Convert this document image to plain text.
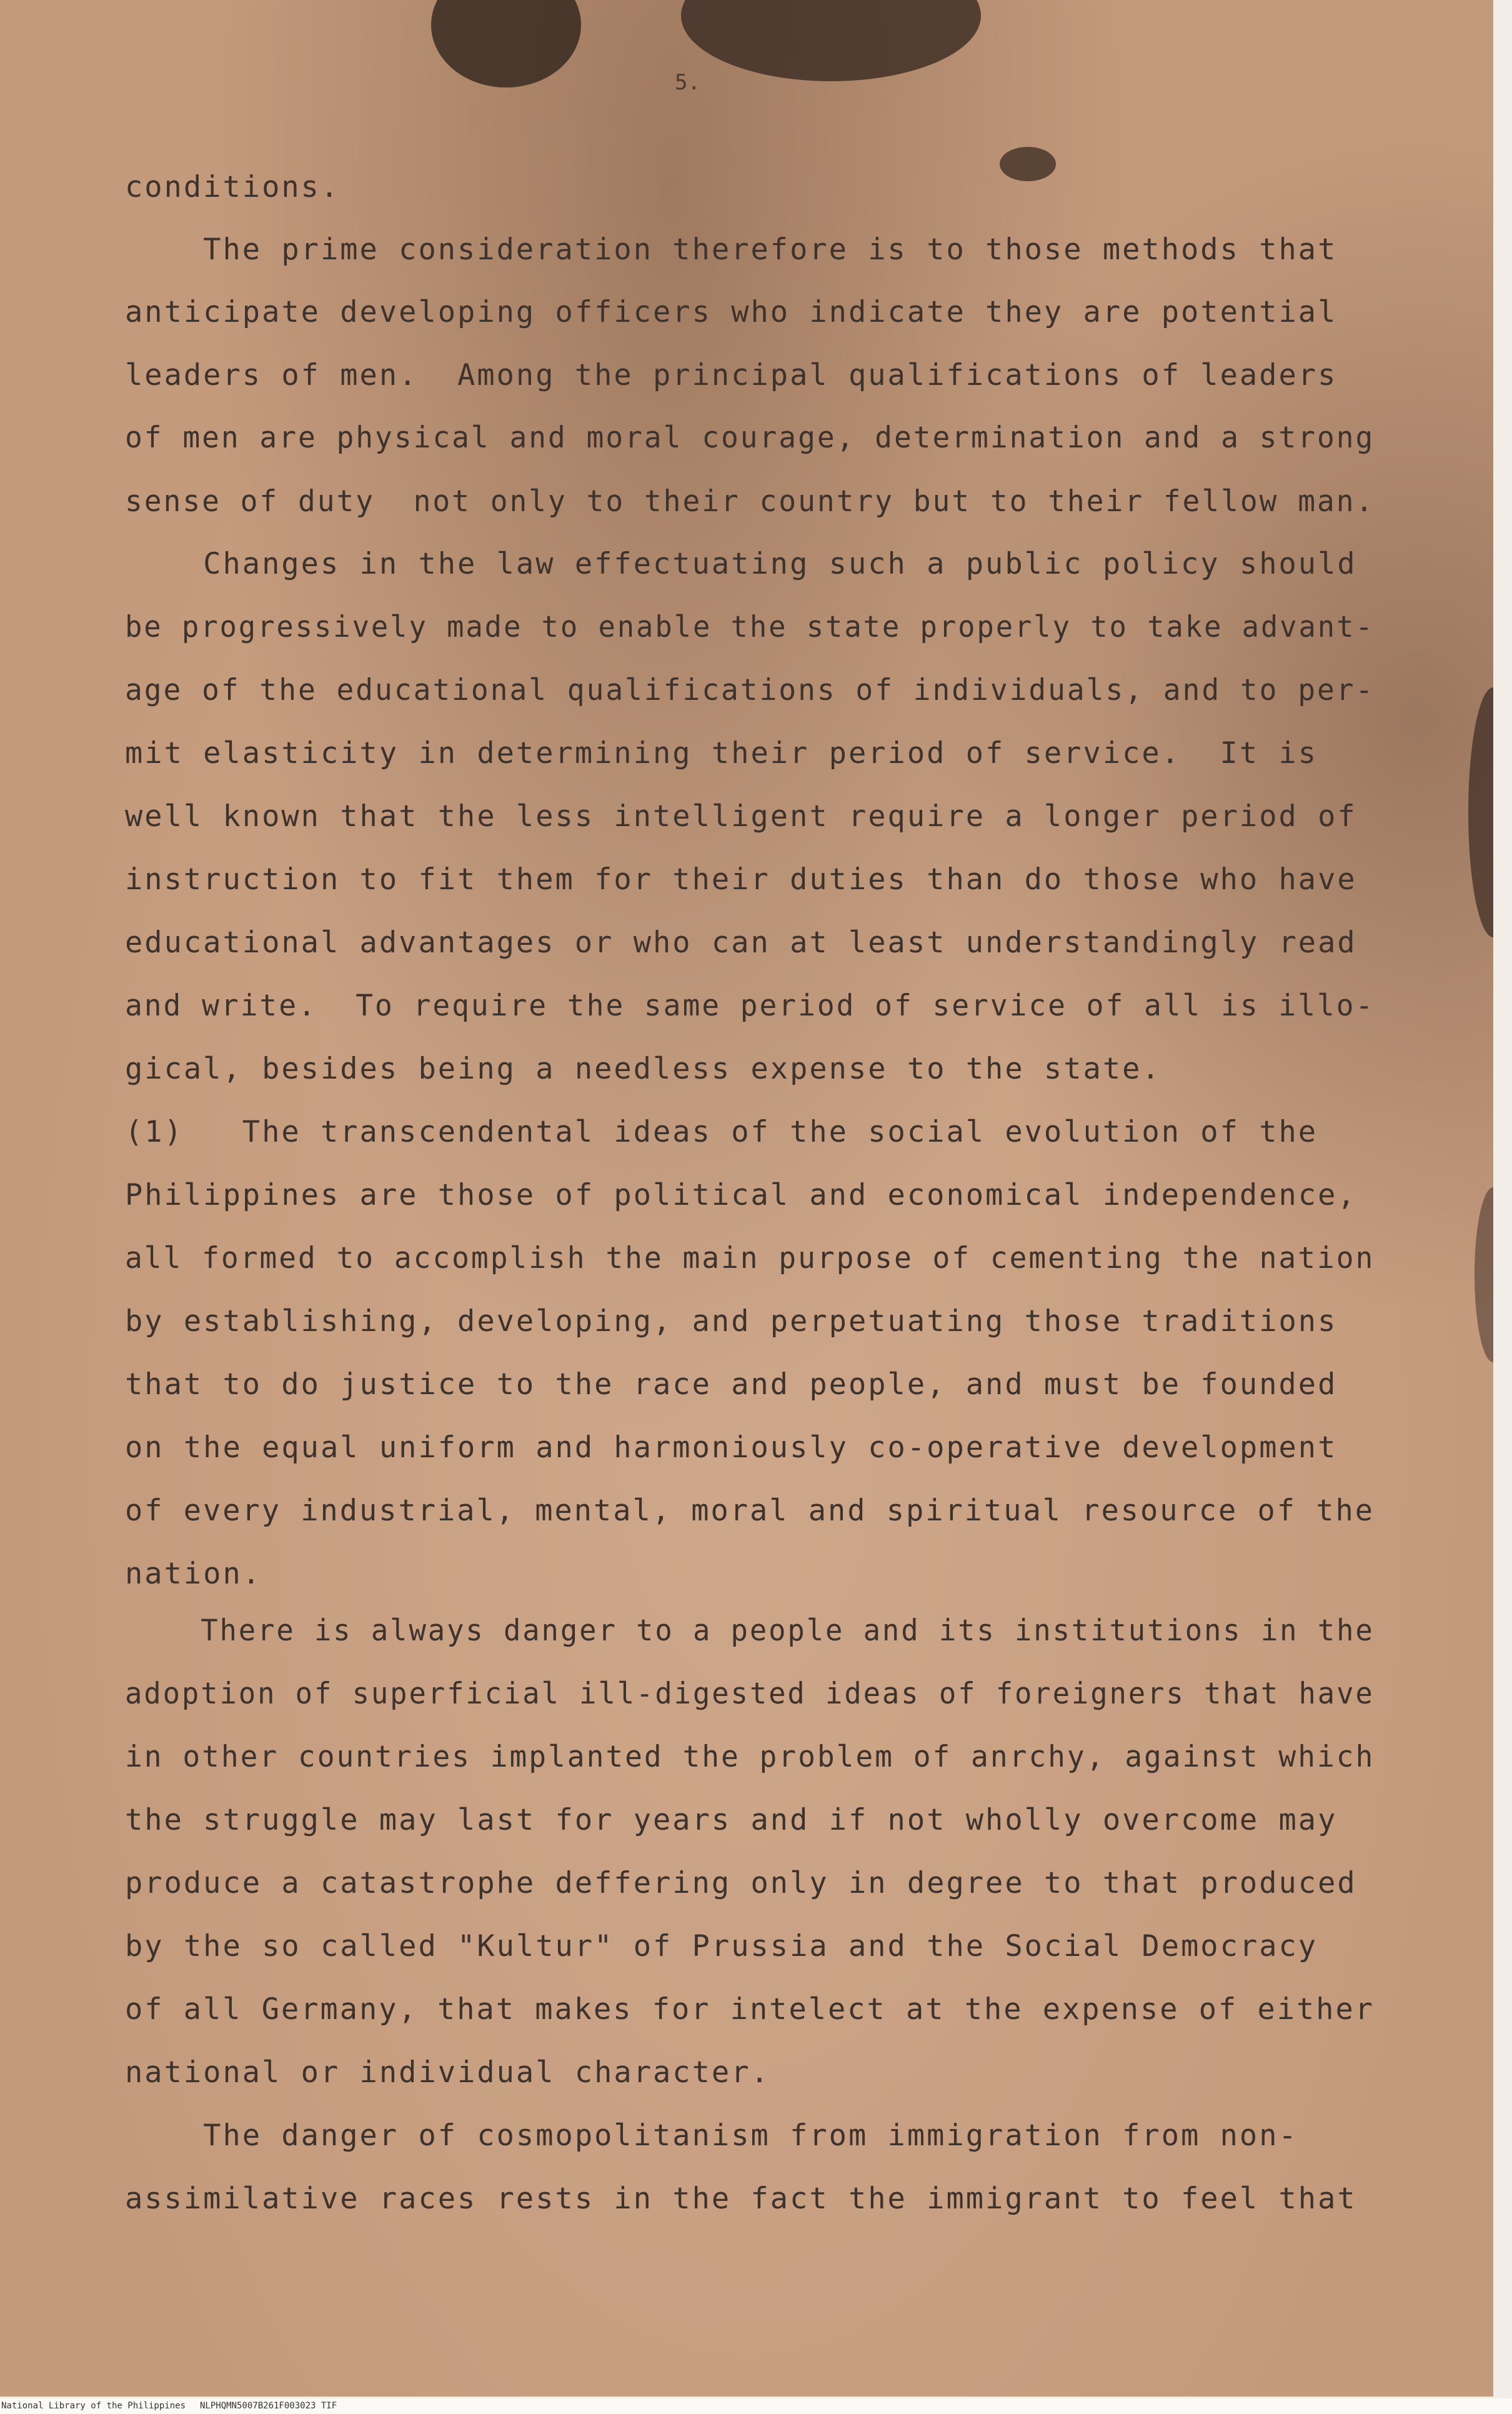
5.
conditions.
The prime consideration therefore is to those methods that
anticipate developing officers who indicate they are potential
leaders of men.  Among the principal qualifications of leaders
of men are physical and moral courage, determination and a strong
sense of duty  not only to their country but to their fellow man.
Changes in the law effectuating such a public policy should
be progressively made to enable the state properly to take advant-
age of the educational qualifications of individuals, and to per-
mit elasticity in determining their period of service.  It is
well known that the less intelligent require a longer period of
instruction to fit them for their duties than do those who have
educational advantages or who can at least understandingly read
and write.  To require the same period of service of all is illo-
gical, besides being a needless expense to the state.
(1)   The transcendental ideas of the social evolution of the
Philippines are those of political and economical independence,
all formed to accomplish the main purpose of cementing the nation
by establishing, developing, and perpetuating those traditions
that to do justice to the race and people, and must be founded
on the equal uniform and harmoniously co-operative development
of every industrial, mental, moral and spiritual resource of the
nation.
There is always danger to a people and its institutions in the
adoption of superficial ill-digested ideas of foreigners that have
in other countries implanted the problem of anrchy, against which
the struggle may last for years and if not wholly overcome may
produce a catastrophe deffering only in degree to that produced
by the so called "Kultur" of Prussia and the Social Democracy
of all Germany, that makes for intelect at the expense of either
national or individual character.
The danger of cosmopolitanism from immigration from non-
assimilative races rests in the fact the immigrant to feel that
National Library of the Philippines NLPHQMN5007B261F003023 TIF
